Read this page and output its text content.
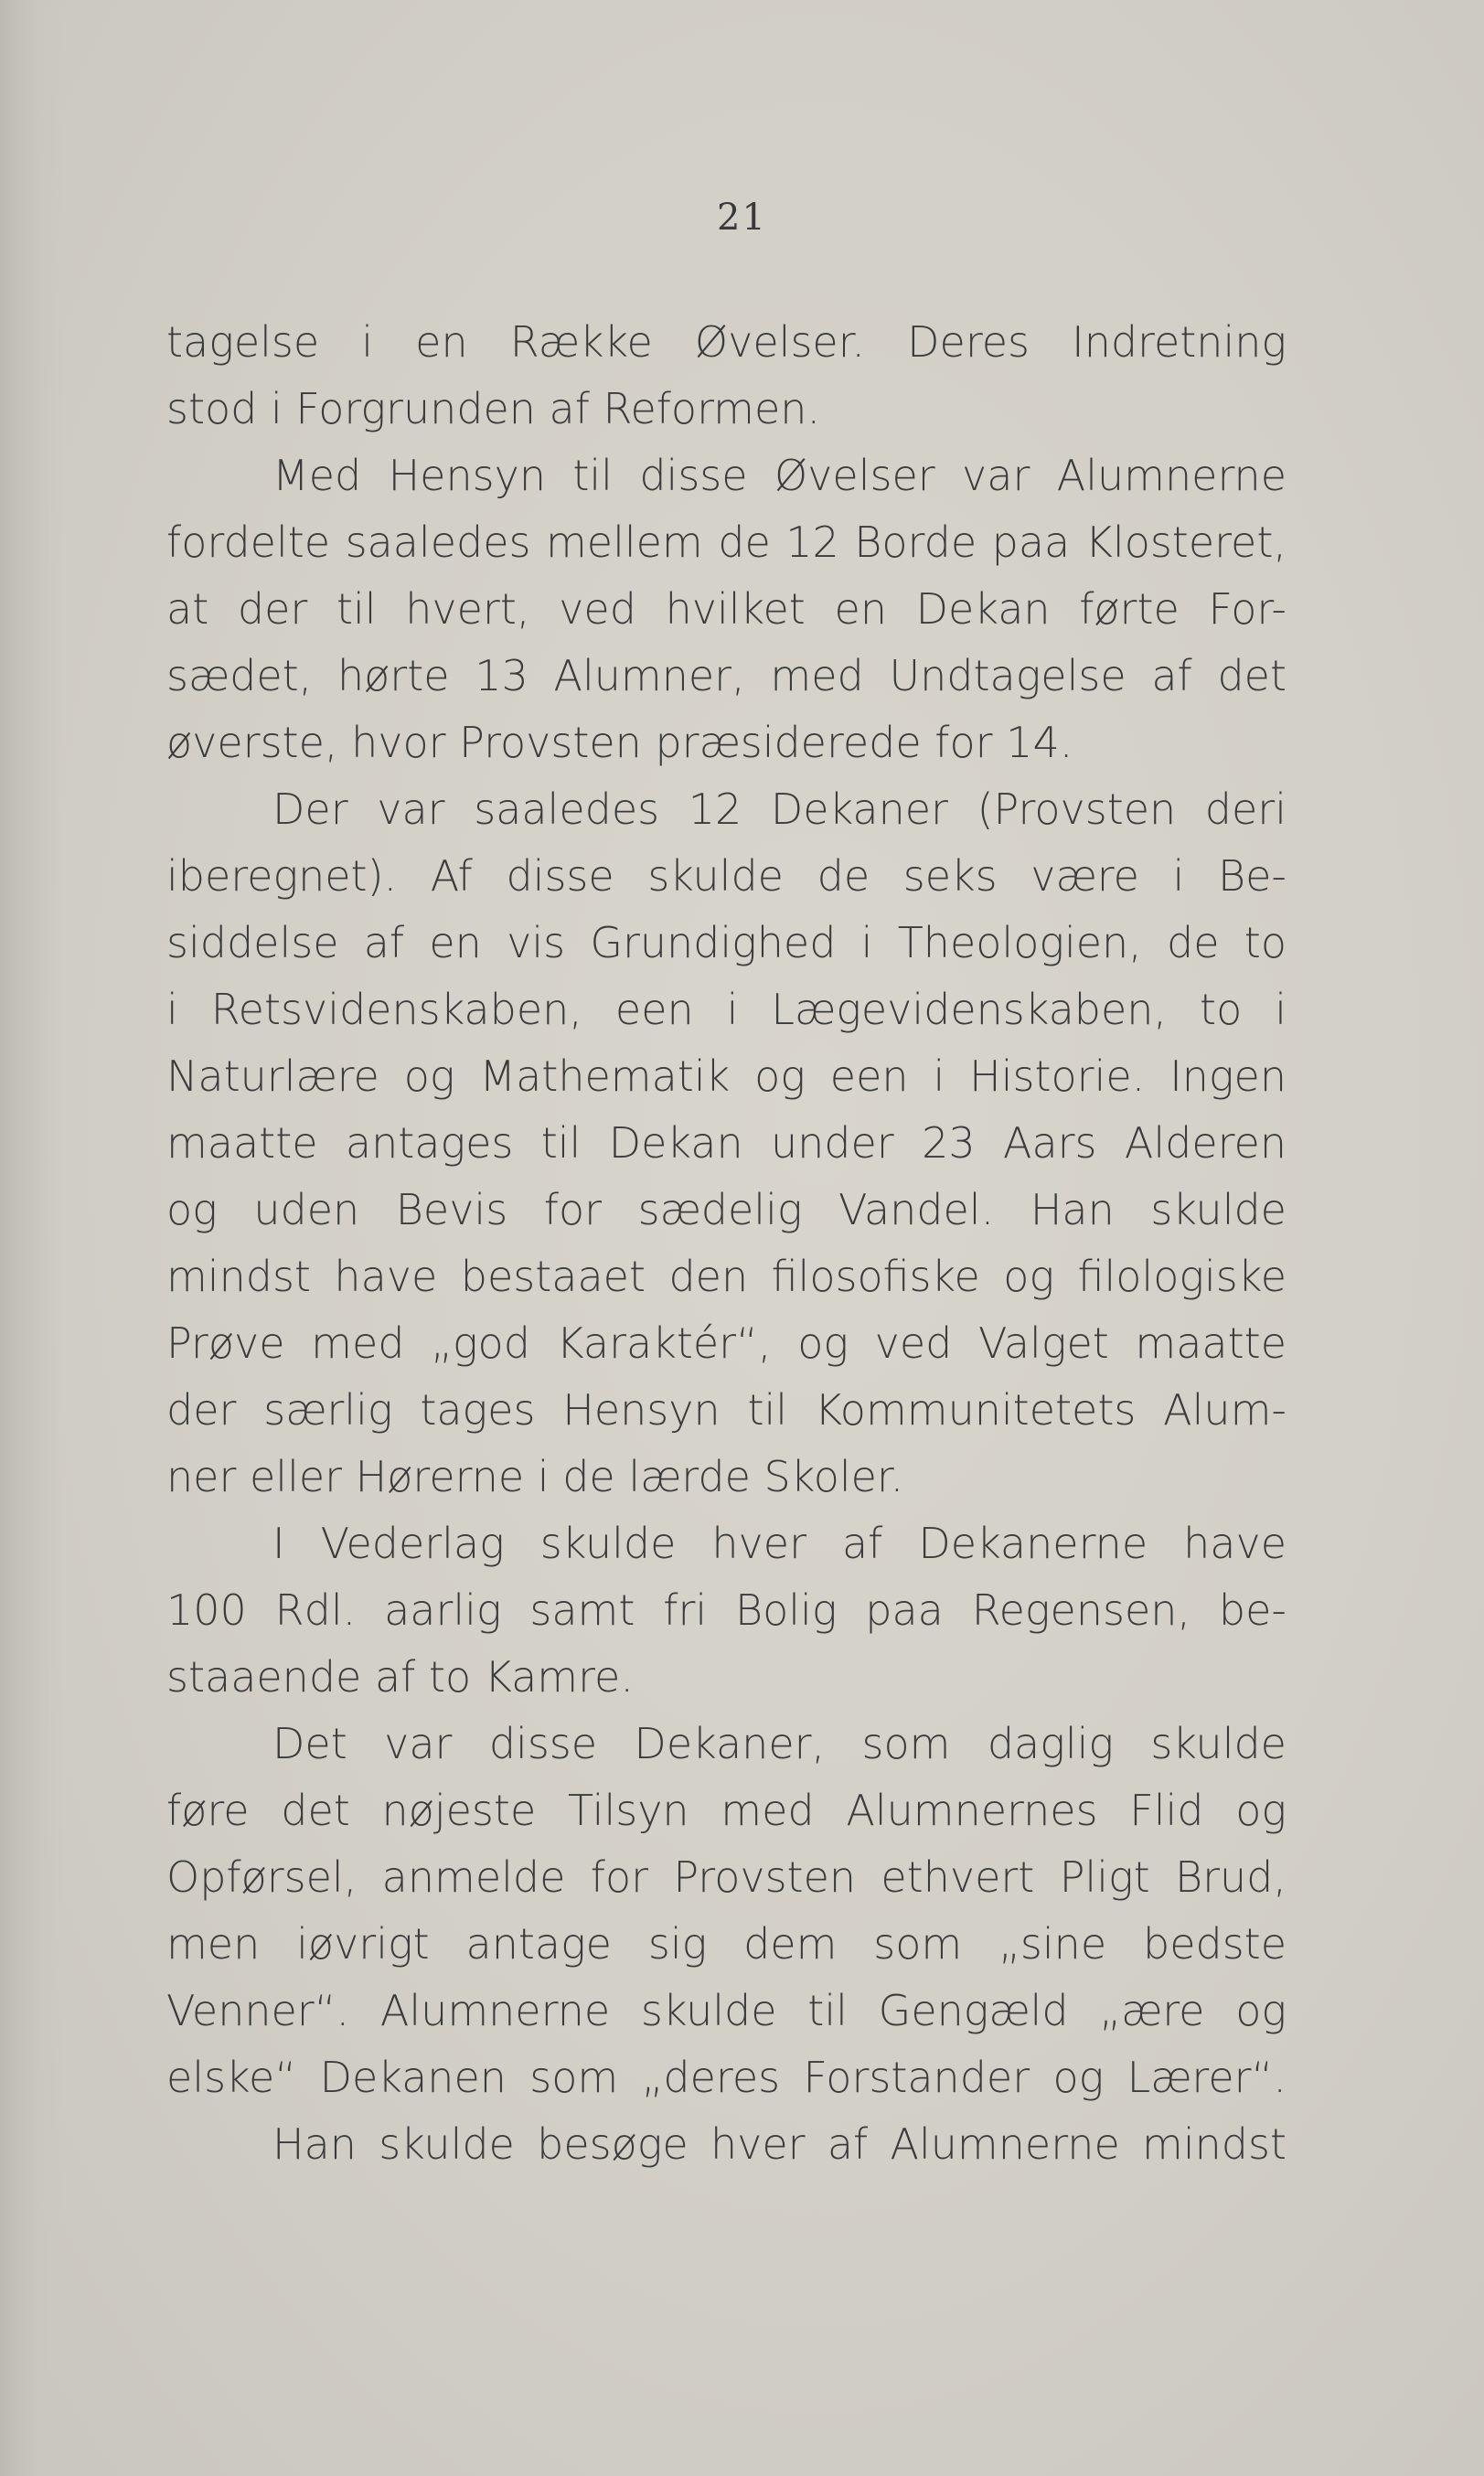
21

tagelse i en Række Øvelser. Deres Indretning
stod i Forgrunden af Reformen.
Med Hensyn til disse Øvelser var Alumnerne
fordelte saaledes mellem de 12 Borde paa Klosteret,
at der til hvert, ved hvilket en Dekan førte For-
sædet, hørte 13 Alumner, med Undtagelse af det
øverste, hvor Provsten præsiderede for 14.
Der var saaledes 12 Dekaner (Provsten deri
iberegnet). Af disse skulde de seks være i Be-
siddelse af en vis Grundighed i Theologien, de to
i Retsvidenskaben, een i Lægevidenskaben, to i
Naturlære og Mathematik og een i Historie. Ingen
maatte antages til Dekan under 23 Aars Alderen
og uden Bevis for sædelig Vandel. Han skulde
mindst have bestaaet den filosofiske og filologiske
Prøve med „god Karaktér“, og ved Valget maatte
der særlig tages Hensyn til Kommunitetets Alum-
ner eller Hørerne i de lærde Skoler.
I Vederlag skulde hver af Dekanerne have
100 Rdl. aarlig samt fri Bolig paa Regensen, be-
staaende af to Kamre.
Det var disse Dekaner, som daglig skulde
føre det nøjeste Tilsyn med Alumnernes Flid og
Opførsel, anmelde for Provsten ethvert Pligt Brud,
men iøvrigt antage sig dem som „sine bedste
Venner“. Alumnerne skulde til Gengæld „ære og
elske“ Dekanen som „deres Forstander og Lærer“.
Han skulde besøge hver af Alumnerne mindst
